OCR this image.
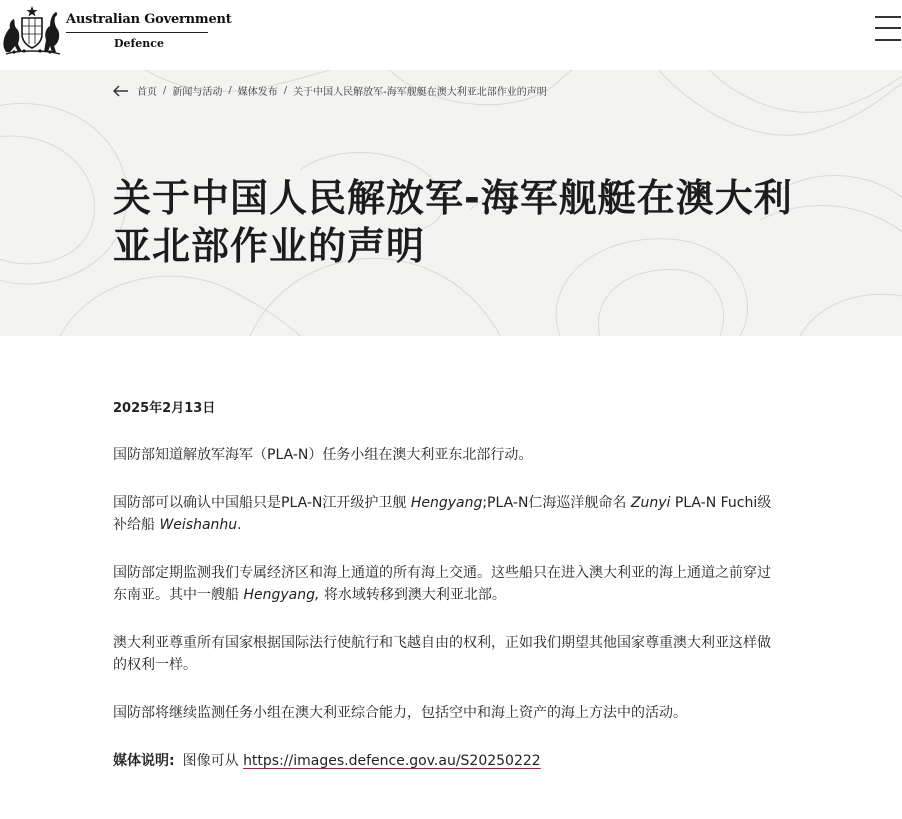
Australian Government
Defence
首页 / 新闻与活动 / 媒体发布 / 关于中国人民解放军-海军舰艇在澳大利亚北部作业的声明
关于中国人民解放军-海军舰艇在澳大利亚北部作业的声明
2025年2月13日

国防部知道解放军海军（PLA-N）任务小组在澳大利亚东北部行动。

国防部可以确认中国船只是PLA-N江开级护卫舰 Hengyang;PLA-N仁海巡洋舰命名 Zunyi PLA-N Fuchi级补给船 Weishanhu.

国防部定期监测我们专属经济区和海上通道的所有海上交通。这些船只在进入澳大利亚的海上通道之前穿过东南亚。其中一艘船 Hengyang, 将水域转移到澳大利亚北部。

澳大利亚尊重所有国家根据国际法行使航行和飞越自由的权利，正如我们期望其他国家尊重澳大利亚这样做的权利一样。

国防部将继续监测任务小组在澳大利亚综合能力，包括空中和海上资产的海上方法中的活动。

媒体说明: 图像可从 https://images.defence.gov.au/S20250222
